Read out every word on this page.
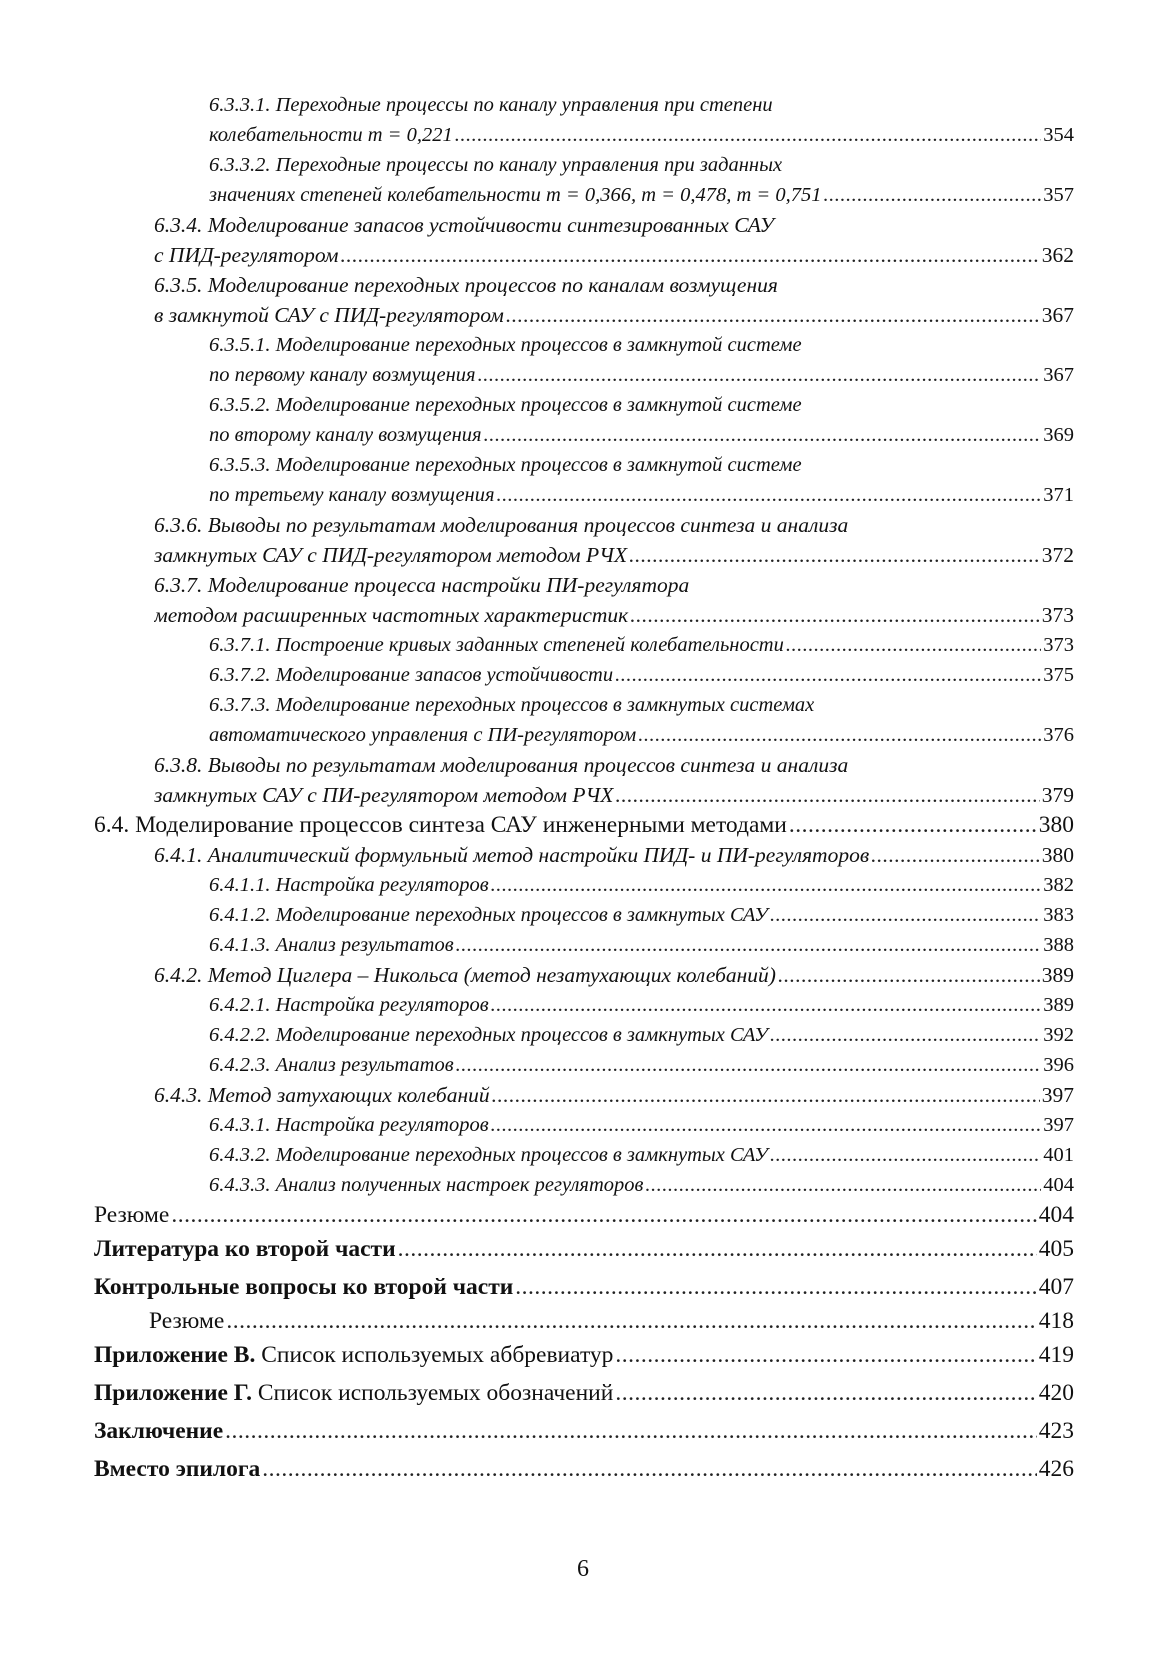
6.3.3.1. Переходные процессы по каналу управления при степени
колебательности m = 0,221 .....	354
6.3.3.2. Переходные процессы по каналу управления при заданных
значениях степеней колебательности m = 0,366, m = 0,478, m = 0,751 .....	357
6.3.4. Моделирование запасов устойчивости синтезированных САУ
с ПИД-регулятором .....	362
6.3.5. Моделирование переходных процессов по каналам возмущения
в замкнутой САУ с ПИД-регулятором .....	367
6.3.5.1. Моделирование переходных процессов в замкнутой системе
по первому каналу возмущения .....	367
6.3.5.2. Моделирование переходных процессов в замкнутой системе
по второму каналу возмущения .....	369
6.3.5.3. Моделирование переходных процессов в замкнутой системе
по третьему каналу возмущения .....	371
6.3.6. Выводы по результатам моделирования процессов синтеза и анализа
замкнутых САУ с ПИД-регулятором методом РЧХ .....	372
6.3.7. Моделирование процесса настройки ПИ-регулятора
методом расширенных частотных характеристик .....	373
6.3.7.1. Построение кривых заданных степеней колебательности .....	373
6.3.7.2. Моделирование запасов устойчивости .....	375
6.3.7.3. Моделирование переходных процессов в замкнутых системах
автоматического управления с ПИ-регулятором .....	376
6.3.8. Выводы по результатам моделирования процессов синтеза и анализа
замкнутых САУ с ПИ-регулятором методом РЧХ .....	379
6.4. Моделирование процессов синтеза САУ инженерными методами .....	380
6.4.1. Аналитический формульный метод настройки ПИД- и ПИ-регуляторов .....	380
6.4.1.1. Настройка регуляторов .....	382
6.4.1.2. Моделирование переходных процессов в замкнутых САУ .....	383
6.4.1.3. Анализ результатов .....	388
6.4.2. Метод Циглера – Никольса (метод незатухающих колебаний) .....	389
6.4.2.1. Настройка регуляторов .....	389
6.4.2.2. Моделирование переходных процессов в замкнутых САУ .....	392
6.4.2.3. Анализ результатов .....	396
6.4.3. Метод затухающих колебаний .....	397
6.4.3.1. Настройка регуляторов .....	397
6.4.3.2. Моделирование переходных процессов в замкнутых САУ .....	401
6.4.3.3. Анализ полученных настроек регуляторов .....	404
Резюме .....	404
Литература ко второй части .....	405
Контрольные вопросы ко второй части .....	407
Резюме .....	418
Приложение В. Список используемых аббревиатур .....	419
Приложение Г. Список используемых обозначений .....	420
Заключение .....	423
Вместо эпилога .....	426
6
